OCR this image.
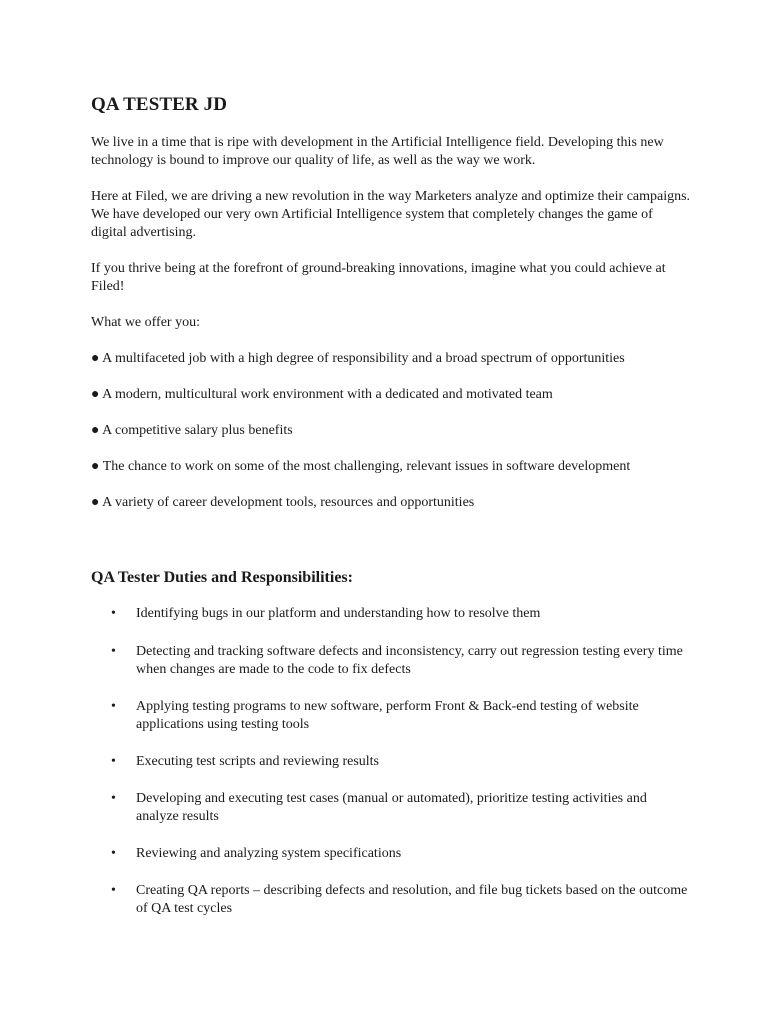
QA TESTER JD

We live in a time that is ripe with development in the Artificial Intelligence field. Developing this new technology is bound to improve our quality of life, as well as the way we work.

Here at Filed, we are driving a new revolution in the way Marketers analyze and optimize their campaigns. We have developed our very own Artificial Intelligence system that completely changes the game of digital advertising.

If you thrive being at the forefront of ground-breaking innovations, imagine what you could achieve at Filed!

What we offer you:

● A multifaceted job with a high degree of responsibility and a broad spectrum of opportunities

● A modern, multicultural work environment with a dedicated and motivated team

● A competitive salary plus benefits

● The chance to work on some of the most challenging, relevant issues in software development

● A variety of career development tools, resources and opportunities

QA Tester Duties and Responsibilities:
•	Identifying bugs in our platform and understanding how to resolve them
•	Detecting and tracking software defects and inconsistency, carry out regression testing every time when changes are made to the code to fix defects
•	Applying testing programs to new software, perform Front & Back-end testing of website applications using testing tools
•	Executing test scripts and reviewing results
•	Developing and executing test cases (manual or automated), prioritize testing activities and analyze results
•	Reviewing and analyzing system specifications
•	Creating QA reports – describing defects and resolution, and file bug tickets based on the outcome of QA test cycles
